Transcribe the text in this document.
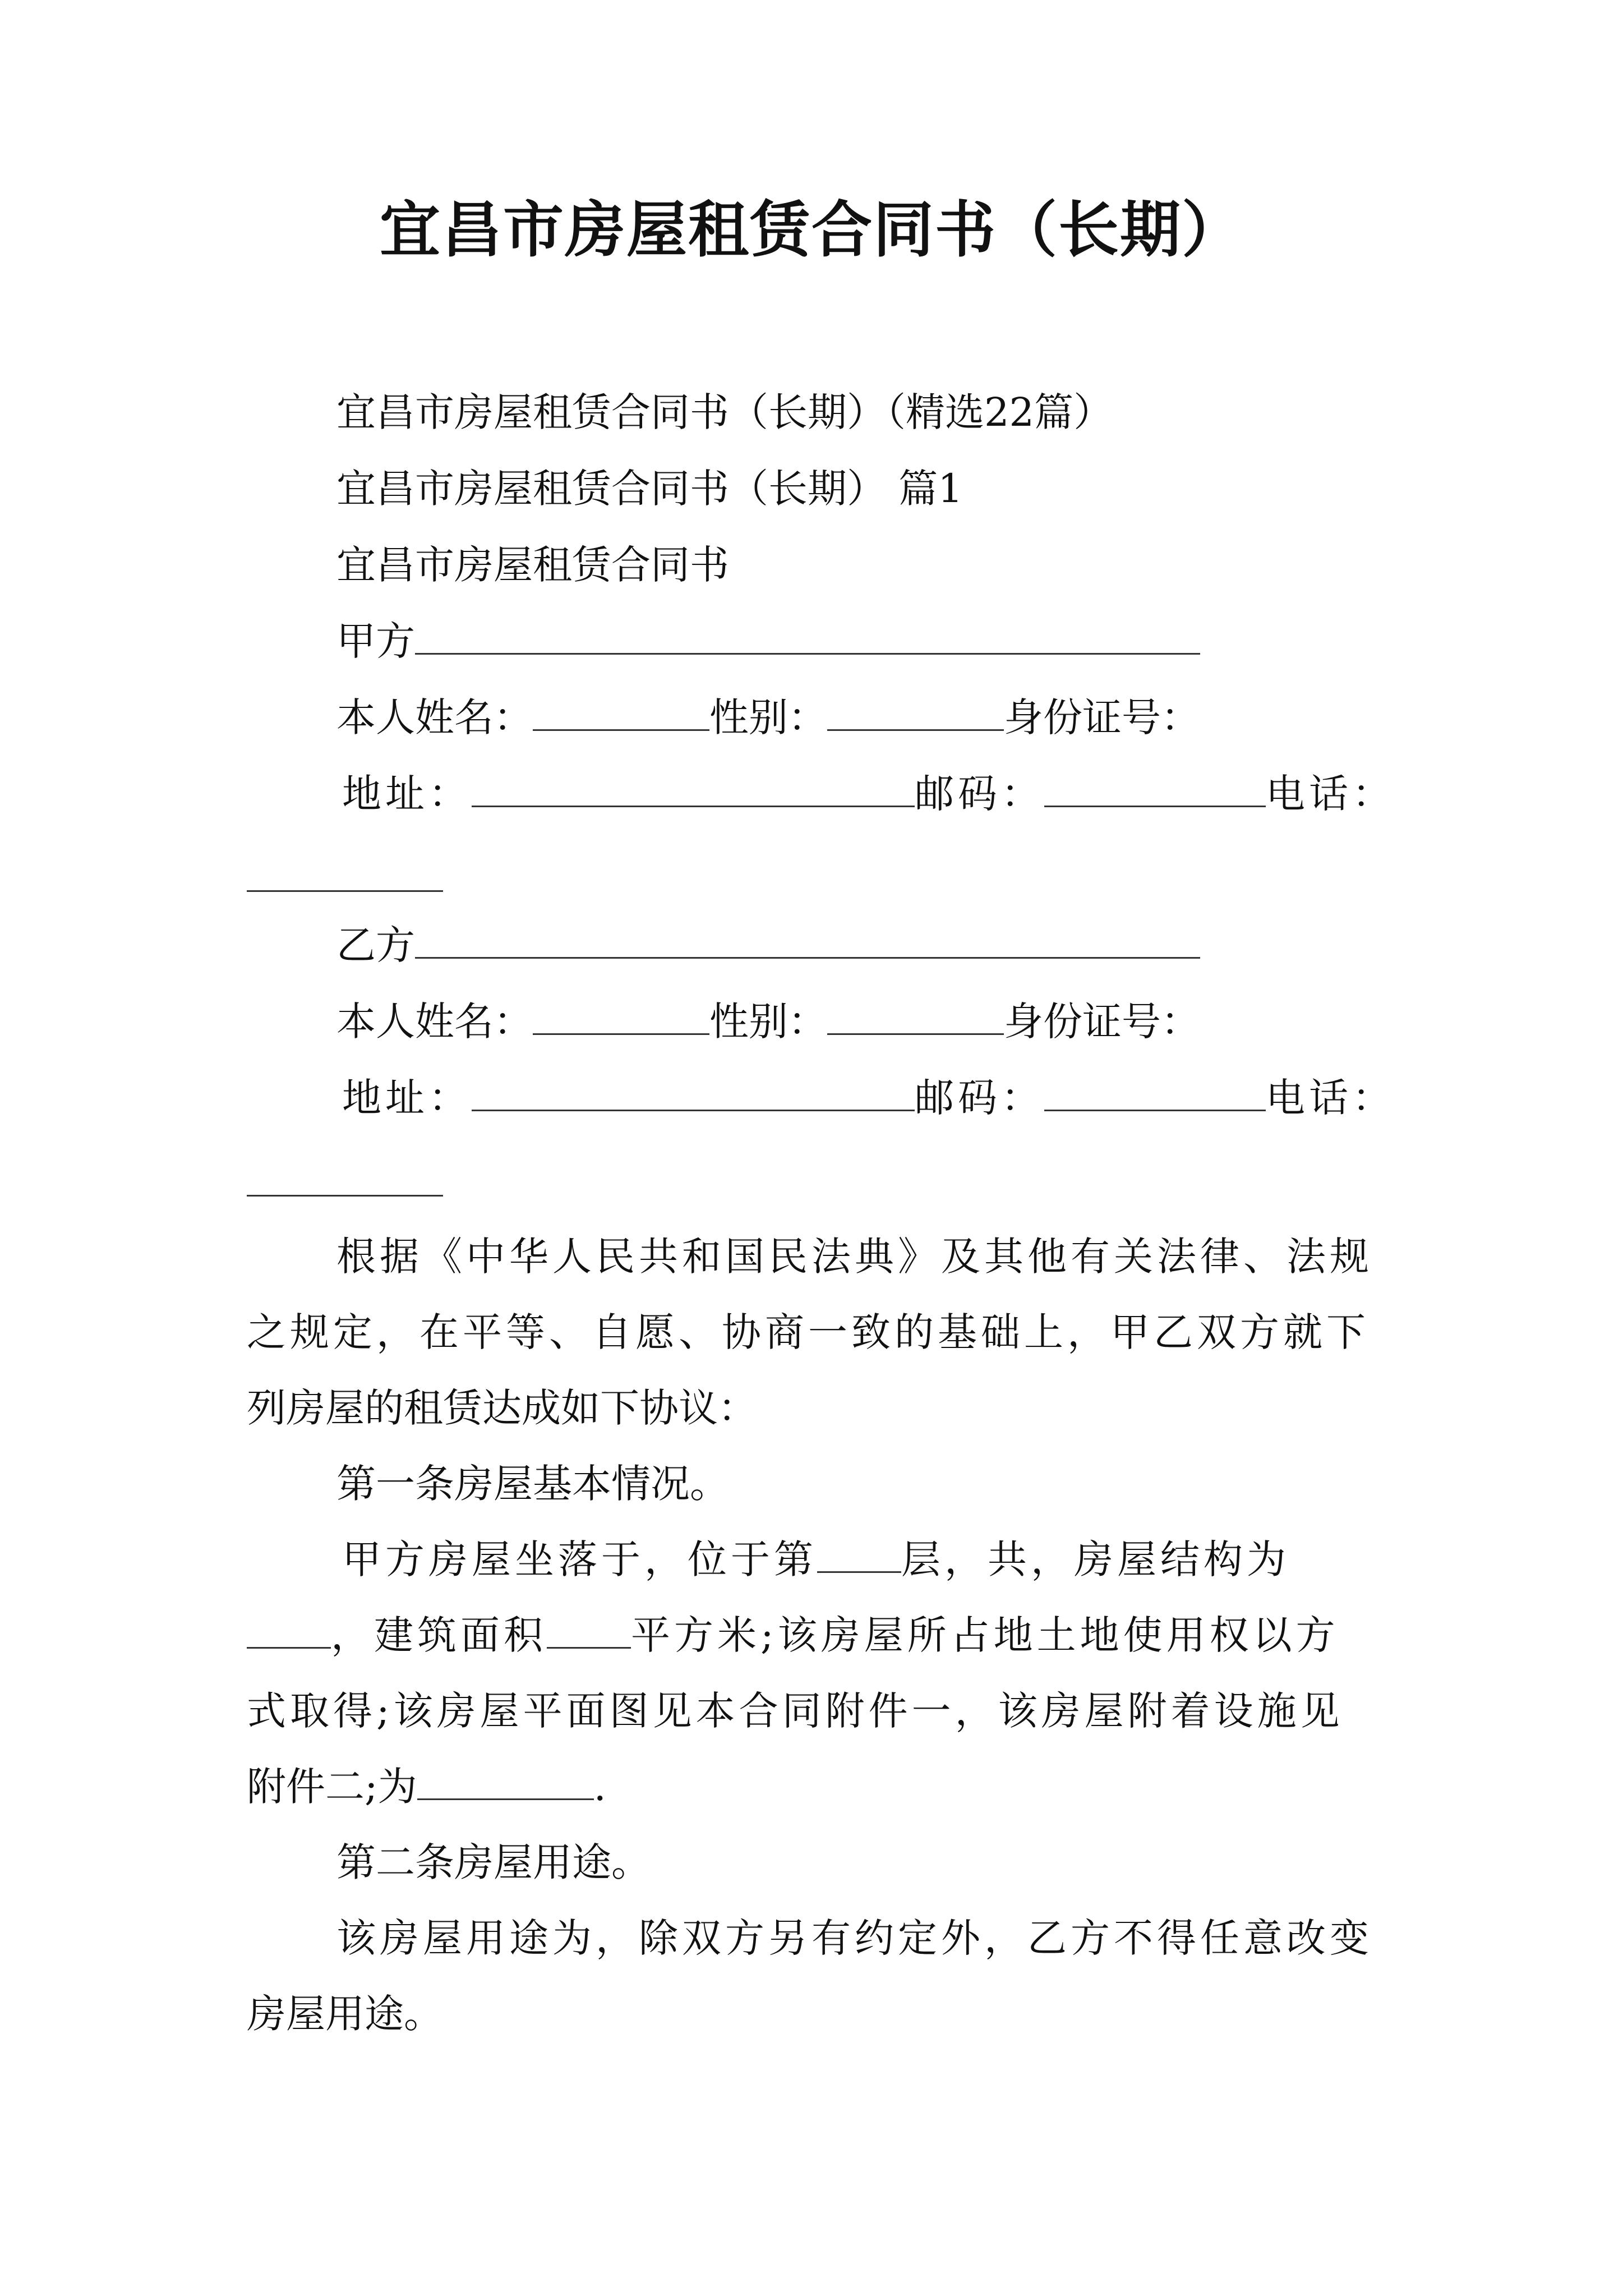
宜昌市房屋租赁合同书（长期）
宜昌市房屋租赁合同书（长期）（精选22篇）
宜昌市房屋租赁合同书（长期） 篇1
宜昌市房屋租赁合同书
甲方
本人姓名：	性别：	身份证号：
地址：	邮码：	电话：
乙方
本人姓名：	性别：	身份证号：
地址：	邮码：	电话：
根据《中华人民共和国民法典》及其他有关法律、法规
之规定，在平等、自愿、协商一致的基础上，甲乙双方就下
列房屋的租赁达成如下协议：
第一条房屋基本情况。
甲方房屋坐落于，位于第 层，共，房屋结构为
，建筑面积 平方米;该房屋所占地土地使用权以方
式取得;该房屋平面图见本合同附件一，该房屋附着设施见
附件二;为	.
第二条房屋用途。
该房屋用途为，除双方另有约定外，乙方不得任意改变
房屋用途。
